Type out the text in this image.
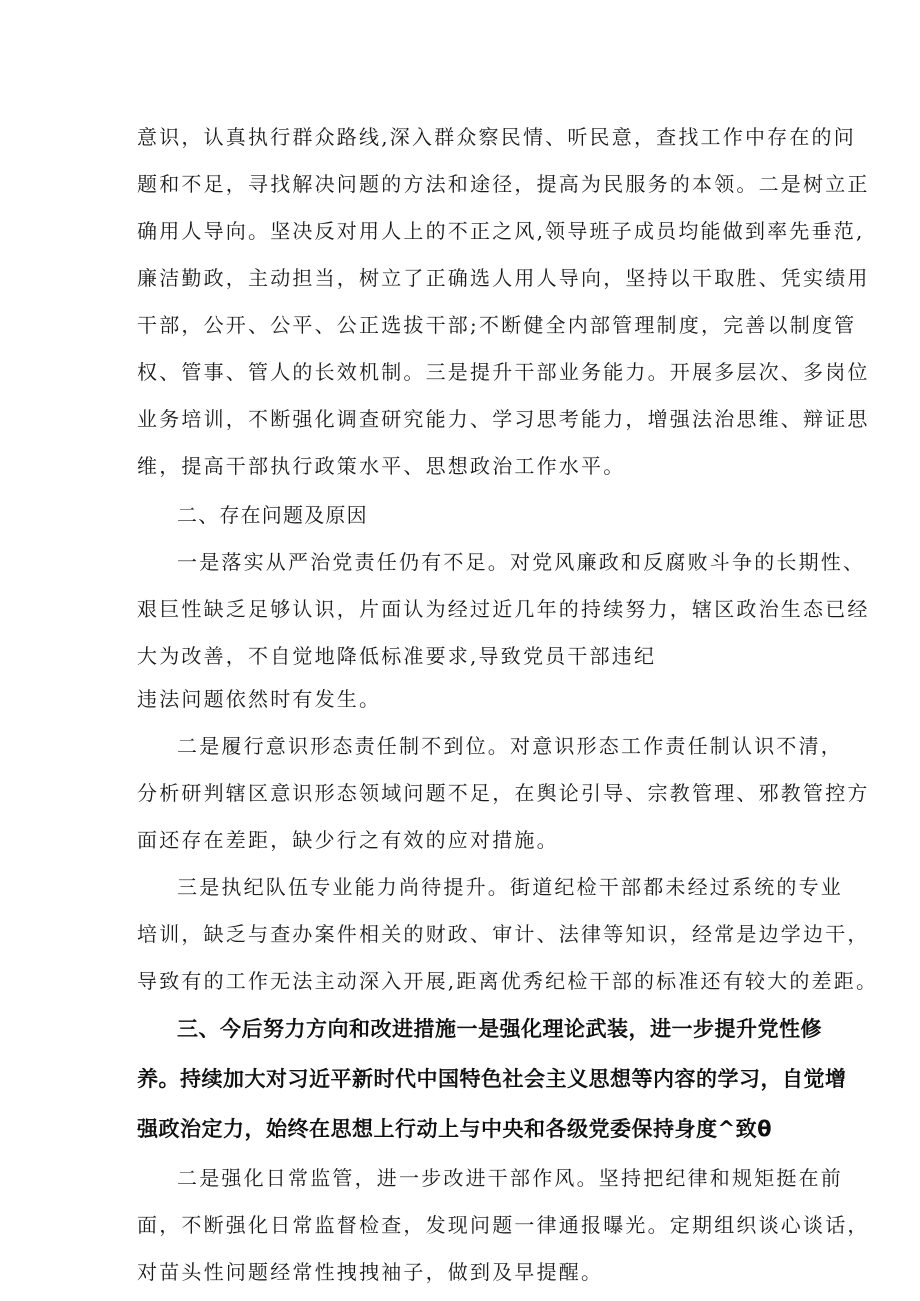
意识，认真执行群众路线,深入群众察民情、听民意，查找工作中存在的问
题和不足，寻找解决问题的方法和途径，提高为民服务的本领。二是树立正
确用人导向。坚决反对用人上的不正之风,领导班子成员均能做到率先垂范,
廉洁勤政，主动担当，树立了正确选人用人导向，坚持以干取胜、凭实绩用
干部，公开、公平、公正选拔干部;不断健全内部管理制度，完善以制度管
权、管事、管人的长效机制。三是提升干部业务能力。开展多层次、多岗位
业务培训，不断强化调查研究能力、学习思考能力，增强法治思维、辩证思
维，提高干部执行政策水平、思想政治工作水平。
二、存在问题及原因
一是落实从严治党责任仍有不足。对党风廉政和反腐败斗争的长期性、
艰巨性缺乏足够认识，片面认为经过近几年的持续努力，辖区政治生态已经
大为改善，不自觉地降低标准要求,导致党员干部违纪
违法问题依然时有发生。
二是履行意识形态责任制不到位。对意识形态工作责任制认识不清，
分析研判辖区意识形态领域问题不足，在舆论引导、宗教管理、邪教管控方
面还存在差距，缺少行之有效的应对措施。
三是执纪队伍专业能力尚待提升。街道纪检干部都未经过系统的专业
培训，缺乏与查办案件相关的财政、审计、法律等知识，经常是边学边干，
导致有的工作无法主动深入开展,距离优秀纪检干部的标准还有较大的差距。
三、今后努力方向和改进措施一是强化理论武装，进一步提升党性修
养。持续加大对习近平新时代中国特色社会主义思想等内容的学习，自觉增
强政治定力，始终在思想上行动上与中央和各级党委保持身度^致θ
二是强化日常监管，进一步改进干部作风。坚持把纪律和规矩挺在前
面，不断强化日常监督检查，发现问题一律通报曝光。定期组织谈心谈话，
对苗头性问题经常性拽拽袖子，做到及早提醒。
